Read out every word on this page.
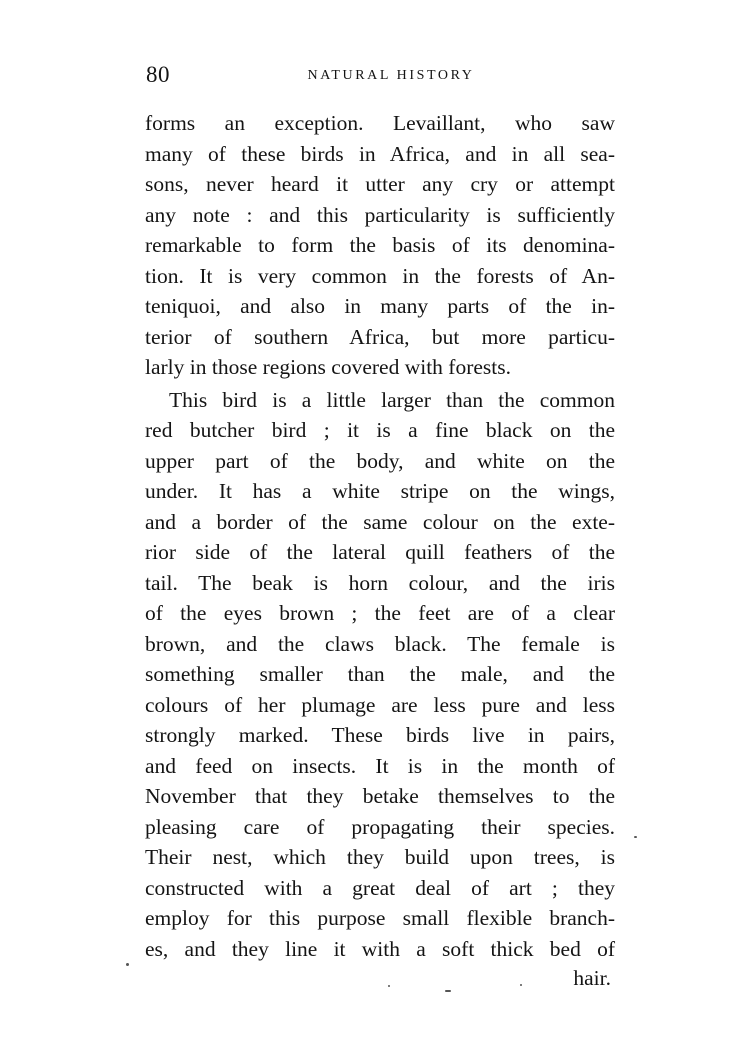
80	NATURAL HISTORY
forms an exception. Levaillant, who saw
many of these birds in Africa, and in all sea-
sons, never heard it utter any cry or attempt
any note : and this particularity is sufficiently
remarkable to form the basis of its denomina-
tion. It is very common in the forests of An-
teniquoi, and also in many parts of the in-
terior of southern Africa, but more particu-
larly in those regions covered with forests.
This bird is a little larger than the common
red butcher bird ; it is a fine black on the
upper part of the body, and white on the
under. It has a white stripe on the wings,
and a border of the same colour on the exte-
rior side of the lateral quill feathers of the
tail. The beak is horn colour, and the iris
of the eyes brown ; the feet are of a clear
brown, and the claws black. The female is
something smaller than the male, and the
colours of her plumage are less pure and less
strongly marked. These birds live in pairs,
and feed on insects. It is in the month of
November that they betake themselves to the
pleasing care of propagating their species.
Their nest, which they build upon trees, is
constructed with a great deal of art ; they
employ for this purpose small flexible branch-
es, and they line it with a soft thick bed of
hair.
